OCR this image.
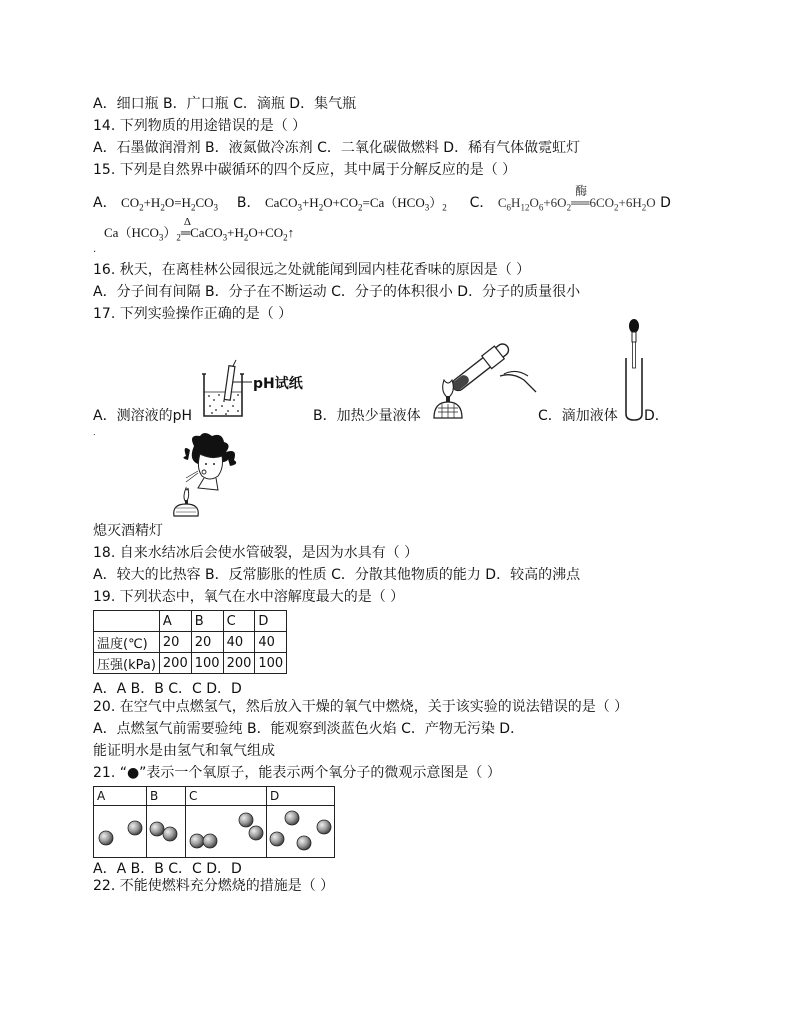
A．细口瓶 B．广口瓶 C．滴瓶 D．集气瓶
14. 下列物质的用途错误的是（ ）
A．石墨做润滑剂 B．液氮做冷冻剂 C．二氧化碳做燃料 D．稀有气体做霓虹灯
15. 下列是自然界中碳循环的四个反应，其中属于分解反应的是（ ）
A． $CO_2+H_2O=H_2CO_3$ B． $CaCO_3+H_2O+CO_2=Ca(HCO_3)_2$ C． $C_6H_{12}O_6+6O_2$
酶
$══6CO_2+6H_2O$ D
$Ca(HCO_3)_2$
Δ
$═CaCO_3+H_2O+CO_2↑$
.
16. 秋天，在离桂林公园很远之处就能闻到园内桂花香味的原因是（ ）
A．分子间有间隔 B．分子在不断运动 C．分子的体积很小 D．分子的质量很小
17. 下列实验操作正确的是（ ）
pH试纸
A．测溶液的pH	B．加热少量液体	C．滴加液体 D．
.
熄灭酒精灯
18. 自来水结冰后会使水管破裂，是因为水具有（ ）
A．较大的比热容 B．反常膨胀的性质 C．分散其他物质的能力 D．较高的沸点
19. 下列状态中，氧气在水中溶解度最大的是（ ）
	A	B	C	D
温度(℃)	20	20	40	40
压强(kPa)	200	100	200	100
A．A B．B C．C D．D
20. 在空气中点燃氢气，然后放入干燥的氧气中燃烧，关于该实验的说法错误的是（ ）
A．点燃氢气前需要验纯 B．能观察到淡蓝色火焰 C．产物无污染 D．
能证明水是由氢气和氧气组成
21. “●”表示一个氧原子，能表示两个氧分子的微观示意图是（ ）
A	B	C	D
A．A B．B C．C D．D
22. 不能使燃料充分燃烧的措施是（ ）
